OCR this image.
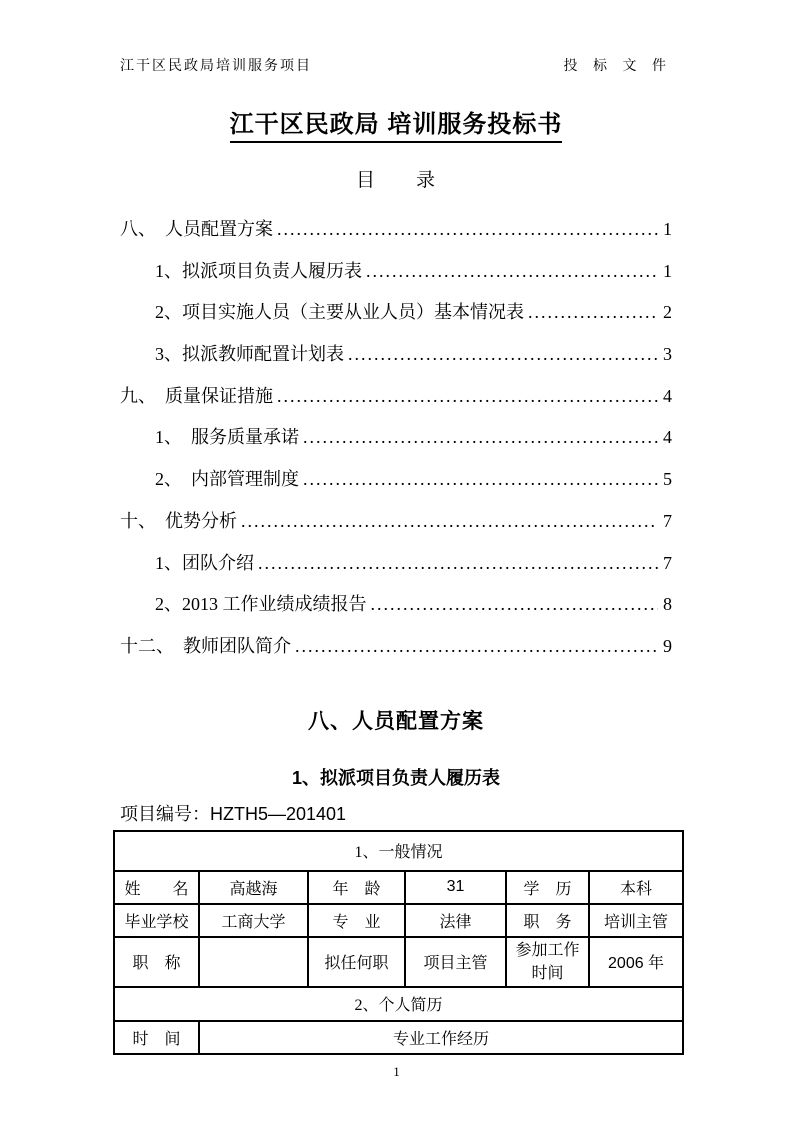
江干区民政局培训服务项目	投 标 文 件
江干区民政局 培训服务投标书
目　　录
八、　人员配置方案 .....	1
1、拟派项目负责人履历表 .....	1
2、项目实施人员（主要从业人员）基本情况表 .....	2
3、拟派教师配置计划表 .....	3
九、　质量保证措施 .....	4
1、　服务质量承诺 .....	4
2、　内部管理制度 .....	5
十、　优势分析 .....	7
1、团队介绍 .....	7
2、2013 工作业绩成绩报告 .....	8
十二、　教师团队简介 .....	9
八、人员配置方案
1、拟派项目负责人履历表
项目编号：HZTH5—201401
1、一般情况					
姓　　名	高越海	年　龄	31	学　历	本科
毕业学校	工商大学	专　业	法律	职　务	培训主管
职　称		拟任何职	项目主管	参加工作时间	2006 年
2、个人简历					
时　间	专业工作经历				
1
